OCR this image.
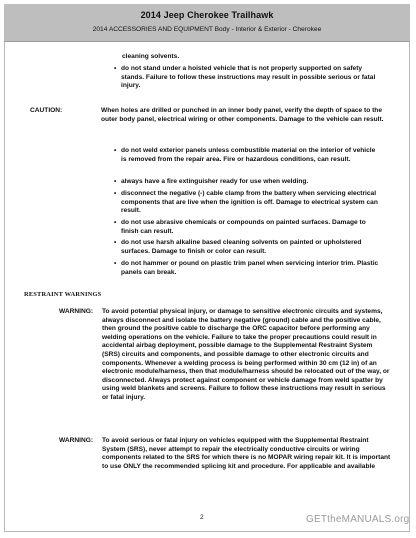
2014 Jeep Cherokee Trailhawk
2014 ACCESSORIES AND EQUIPMENT Body - Interior & Exterior - Cherokee
cleaning solvents.
• do not stand under a hoisted vehicle that is not properly supported on safety stands. Failure to follow these instructions may result in possible serious or fatal injury.
CAUTION:	When holes are drilled or punched in an inner body panel, verify the depth of space to the outer body panel, electrical wiring or other components. Damage to the vehicle can result.
• do not weld exterior panels unless combustible material on the interior of vehicle is removed from the repair area. Fire or hazardous conditions, can result.
• always have a fire extinguisher ready for use when welding.
• disconnect the negative (-) cable clamp from the battery when servicing electrical components that are live when the ignition is off. Damage to electrical system can result.
• do not use abrasive chemicals or compounds on painted surfaces. Damage to finish can result.
• do not use harsh alkaline based cleaning solvents on painted or upholstered surfaces. Damage to finish or color can result.
• do not hammer or pound on plastic trim panel when servicing interior trim. Plastic panels can break.
RESTRAINT WARNINGS
WARNING: To avoid potential physical injury, or damage to sensitive electronic circuits and systems, always disconnect and isolate the battery negative (ground) cable and the positive cable, then ground the positive cable to discharge the ORC capacitor before performing any welding operations on the vehicle. Failure to take the proper precautions could result in accidental airbag deployment, possible damage to the Supplemental Restraint System (SRS) circuits and components, and possible damage to other electronic circuits and components. Whenever a welding process is being performed within 30 cm (12 in) of an electronic module/harness, then that module/harness should be relocated out of the way, or disconnected. Always protect against component or vehicle damage from weld spatter by using weld blankets and screens. Failure to follow these instructions may result in serious or fatal injury.
WARNING: To avoid serious or fatal injury on vehicles equipped with the Supplemental Restraint System (SRS), never attempt to repair the electrically conductive circuits or wiring components related to the SRS for which there is no MOPAR wiring repair kit. It is important to use ONLY the recommended splicing kit and procedure. For applicable and available
2	GETtheMANUALS.org
